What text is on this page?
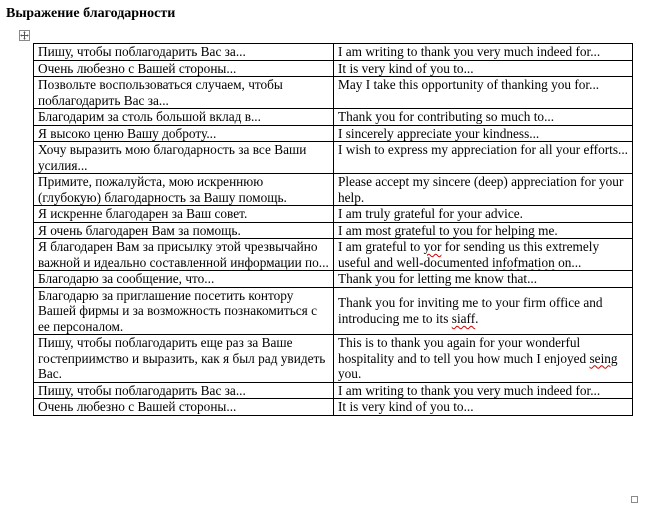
Выражение благодарности
Пишу, чтобы поблагодарить Вас за...	I am writing to thank you very much indeed for...
Очень любезно с Вашей стороны...	It is very kind of you to...
Позвольте воспользоваться случаем, чтобы поблагодарить Вас за...	May I take this opportunity of thanking you for...
Благодарим за столь большой вклад в...	Thank you for contributing so much to...
Я высоко ценю Вашу доброту...	I sincerely appreciate your kindness...
Хочу выразить мою благодарность за все Ваши усилия...	I wish to express my appreciation for all your efforts...
Примите, пожалуйста, мою искреннюю (глубокую) благодарность за Вашу помощь.	Please accept my sincere (deep) appreciation for your help.
Я искренне благодарен за Ваш совет.	I am truly grateful for your advice.
Я очень благодарен Вам за помощь.	I am most grateful to you for helping me.
Я благодарен Вам за присылку этой чрезвычайно важной и идеально составленной информации по...	I am grateful to yor for sending us this extremely useful and well-documented infofmation on...
Благодарю за сообщение, что...	Thank you for letting me know that...
Благодарю за приглашение посетить контору Вашей фирмы и за возможность познакомиться с ее персоналом.	Thank you for inviting me to your firm office and introducing me to its siaff.
Пишу, чтобы поблагодарить еще раз за Ваше гостеприимство и выразить, как я был рад увидеть Вас.	This is to thank you again for your wonderful hospitality and to tell you how much I enjoyed seing you.
Пишу, чтобы поблагодарить Вас за...	I am writing to thank you very much indeed for...
Очень любезно с Вашей стороны...	It is very kind of you to...
